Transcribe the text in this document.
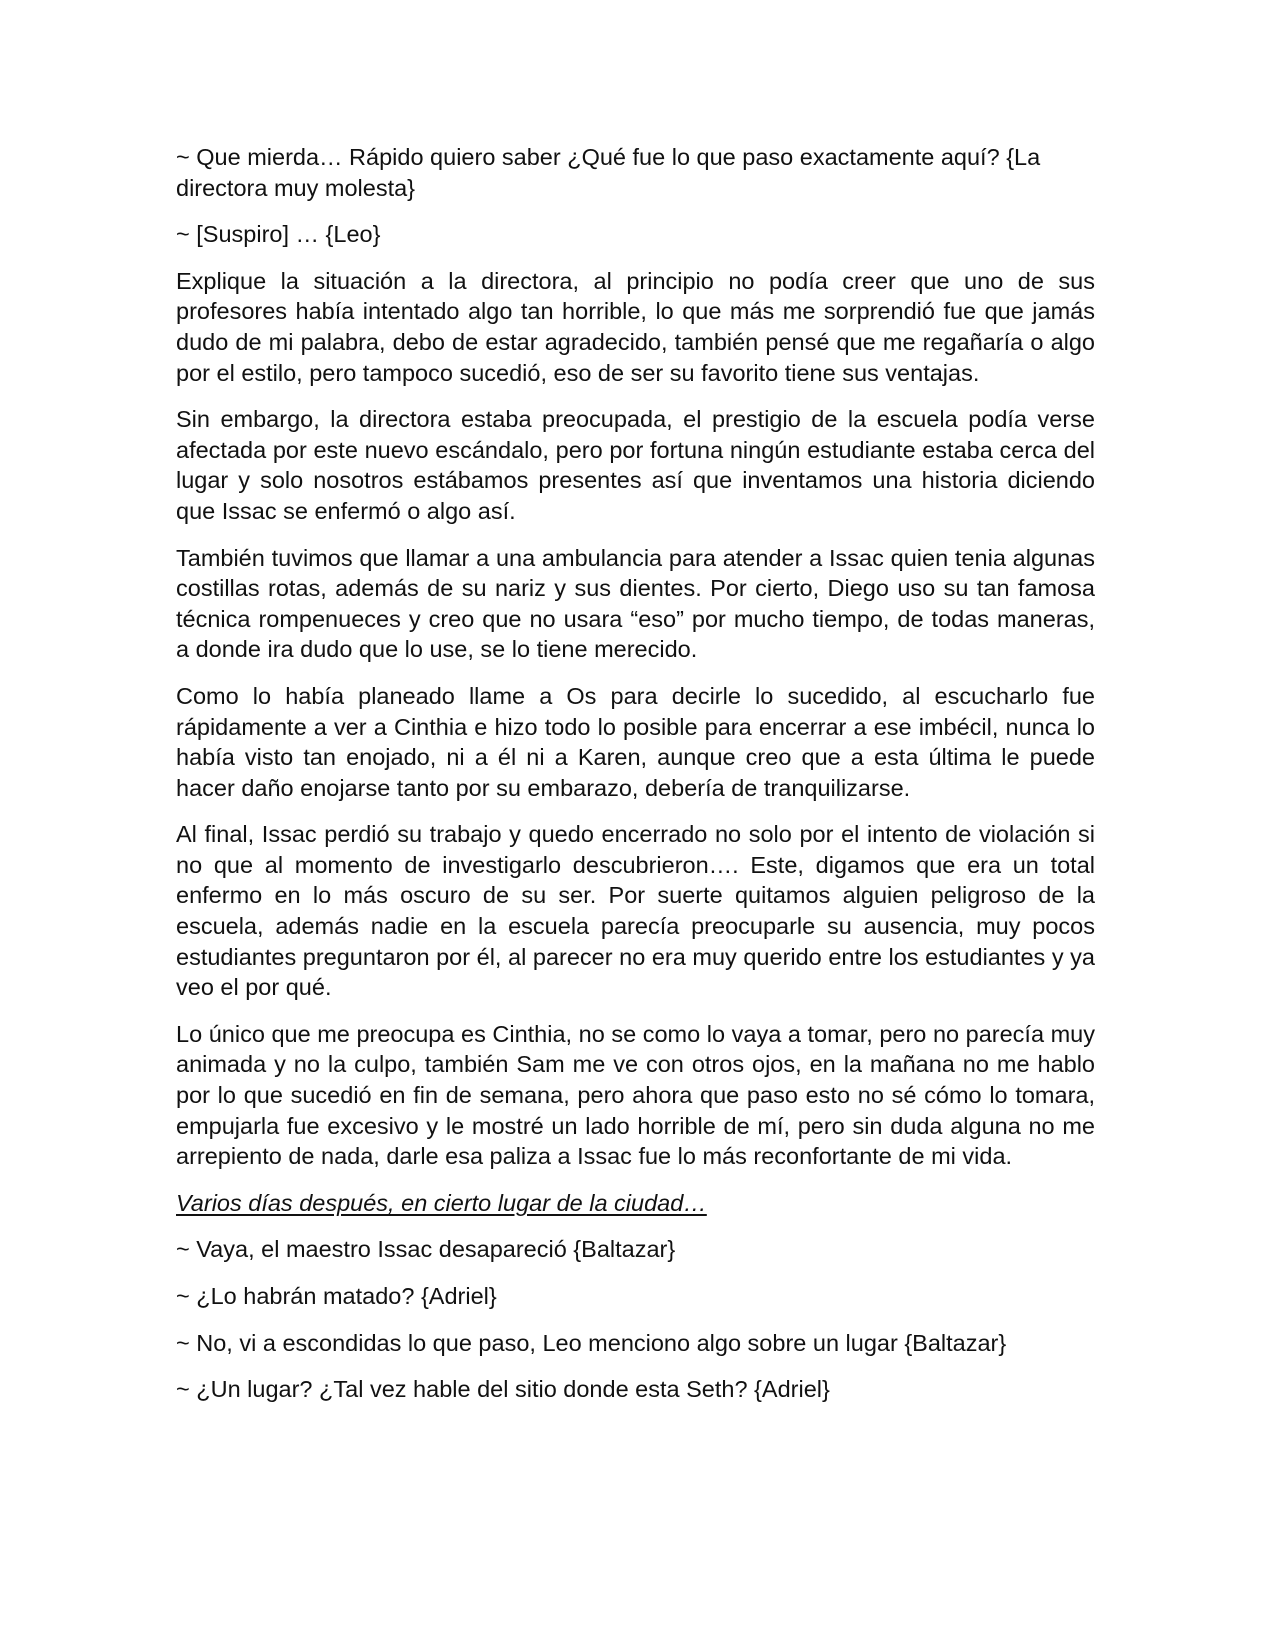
~ Que mierda… Rápido quiero saber ¿Qué fue lo que paso exactamente aquí? {La directora muy molesta}

~ [Suspiro] … {Leo}

Explique la situación a la directora, al principio no podía creer que uno de sus profesores había intentado algo tan horrible, lo que más me sorprendió fue que jamás dudo de mi palabra, debo de estar agradecido, también pensé que me regañaría o algo por el estilo, pero tampoco sucedió, eso de ser su favorito tiene sus ventajas.

Sin embargo, la directora estaba preocupada, el prestigio de la escuela podía verse afectada por este nuevo escándalo, pero por fortuna ningún estudiante estaba cerca del lugar y solo nosotros estábamos presentes así que inventamos una historia diciendo que Issac se enfermó o algo así.

También tuvimos que llamar a una ambulancia para atender a Issac quien tenia algunas costillas rotas, además de su nariz y sus dientes. Por cierto, Diego uso su tan famosa técnica rompenueces y creo que no usara “eso” por mucho tiempo, de todas maneras, a donde ira dudo que lo use, se lo tiene merecido.

Como lo había planeado llame a Os para decirle lo sucedido, al escucharlo fue rápidamente a ver a Cinthia e hizo todo lo posible para encerrar a ese imbécil, nunca lo había visto tan enojado, ni a él ni a Karen, aunque creo que a esta última le puede hacer daño enojarse tanto por su embarazo, debería de tranquilizarse.

Al final, Issac perdió su trabajo y quedo encerrado no solo por el intento de violación si no que al momento de investigarlo descubrieron…. Este, digamos que era un total enfermo en lo más oscuro de su ser. Por suerte quitamos alguien peligroso de la escuela, además nadie en la escuela parecía preocuparle su ausencia, muy pocos estudiantes preguntaron por él, al parecer no era muy querido entre los estudiantes y ya veo el por qué.

Lo único que me preocupa es Cinthia, no se como lo vaya a tomar, pero no parecía muy animada y no la culpo, también Sam me ve con otros ojos, en la mañana no me hablo por lo que sucedió en fin de semana, pero ahora que paso esto no sé cómo lo tomara, empujarla fue excesivo y le mostré un lado horrible de mí, pero sin duda alguna no me arrepiento de nada, darle esa paliza a Issac fue lo más reconfortante de mi vida.

Varios días después, en cierto lugar de la ciudad…

~ Vaya, el maestro Issac desapareció {Baltazar}

~ ¿Lo habrán matado? {Adriel}

~ No, vi a escondidas lo que paso, Leo menciono algo sobre un lugar {Baltazar}

~ ¿Un lugar? ¿Tal vez hable del sitio donde esta Seth? {Adriel}
